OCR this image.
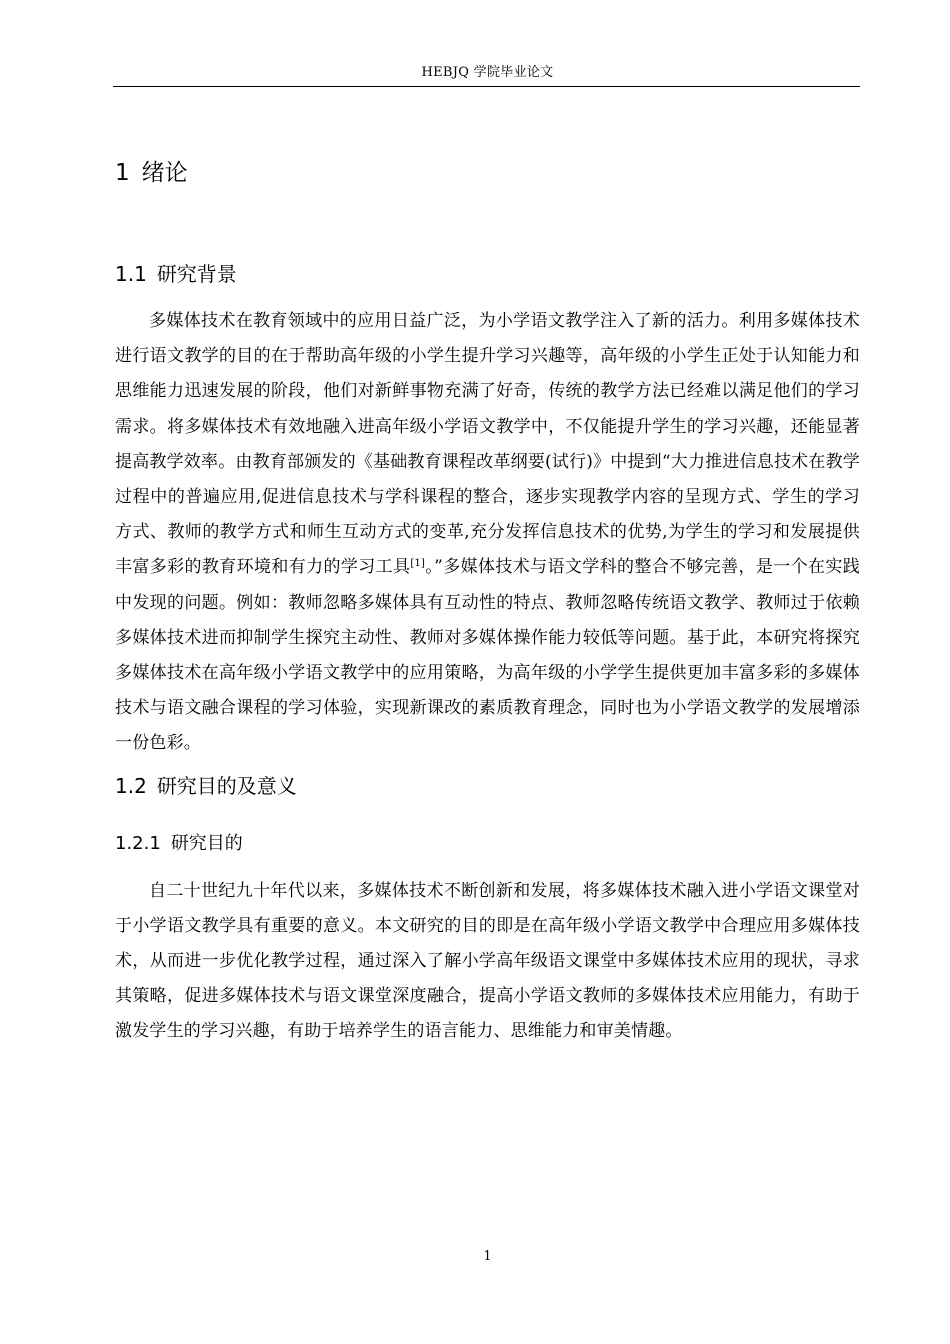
HEBJQ 学院毕业论文
1 绪论
1.1 研究背景

多媒体技术在教育领域中的应用日益广泛，为小学语文教学注入了新的活力。利用多媒体技术进行语文教学的目的在于帮助高年级的小学生提升学习兴趣等，高年级的小学生正处于认知能力和思维能力迅速发展的阶段，他们对新鲜事物充满了好奇，传统的教学方法已经难以满足他们的学习需求。将多媒体技术有效地融入进高年级小学语文教学中，不仅能提升学生的学习兴趣，还能显著提高教学效率。由教育部颁发的《基础教育课程改革纲要(试行)》中提到“大力推进信息技术在教学过程中的普遍应用,促进信息技术与学科课程的整合，逐步实现教学内容的呈现方式、学生的学习方式、教师的教学方式和师生互动方式的变革,充分发挥信息技术的优势,为学生的学习和发展提供丰富多彩的教育环境和有力的学习工具[1]。”多媒体技术与语文学科的整合不够完善，是一个在实践中发现的问题。例如：教师忽略多媒体具有互动性的特点、教师忽略传统语文教学、教师过于依赖多媒体技术进而抑制学生探究主动性、教师对多媒体操作能力较低等问题。基于此，本研究将探究多媒体技术在高年级小学语文教学中的应用策略，为高年级的小学学生提供更加丰富多彩的多媒体技术与语文融合课程的学习体验，实现新课改的素质教育理念，同时也为小学语文教学的发展增添一份色彩。

1.2 研究目的及意义
1.2.1 研究目的

自二十世纪九十年代以来，多媒体技术不断创新和发展，将多媒体技术融入进小学语文课堂对于小学语文教学具有重要的意义。本文研究的目的即是在高年级小学语文教学中合理应用多媒体技术，从而进一步优化教学过程，通过深入了解小学高年级语文课堂中多媒体技术应用的现状，寻求其策略，促进多媒体技术与语文课堂深度融合，提高小学语文教师的多媒体技术应用能力，有助于激发学生的学习兴趣，有助于培养学生的语言能力、思维能力和审美情趣。

1
